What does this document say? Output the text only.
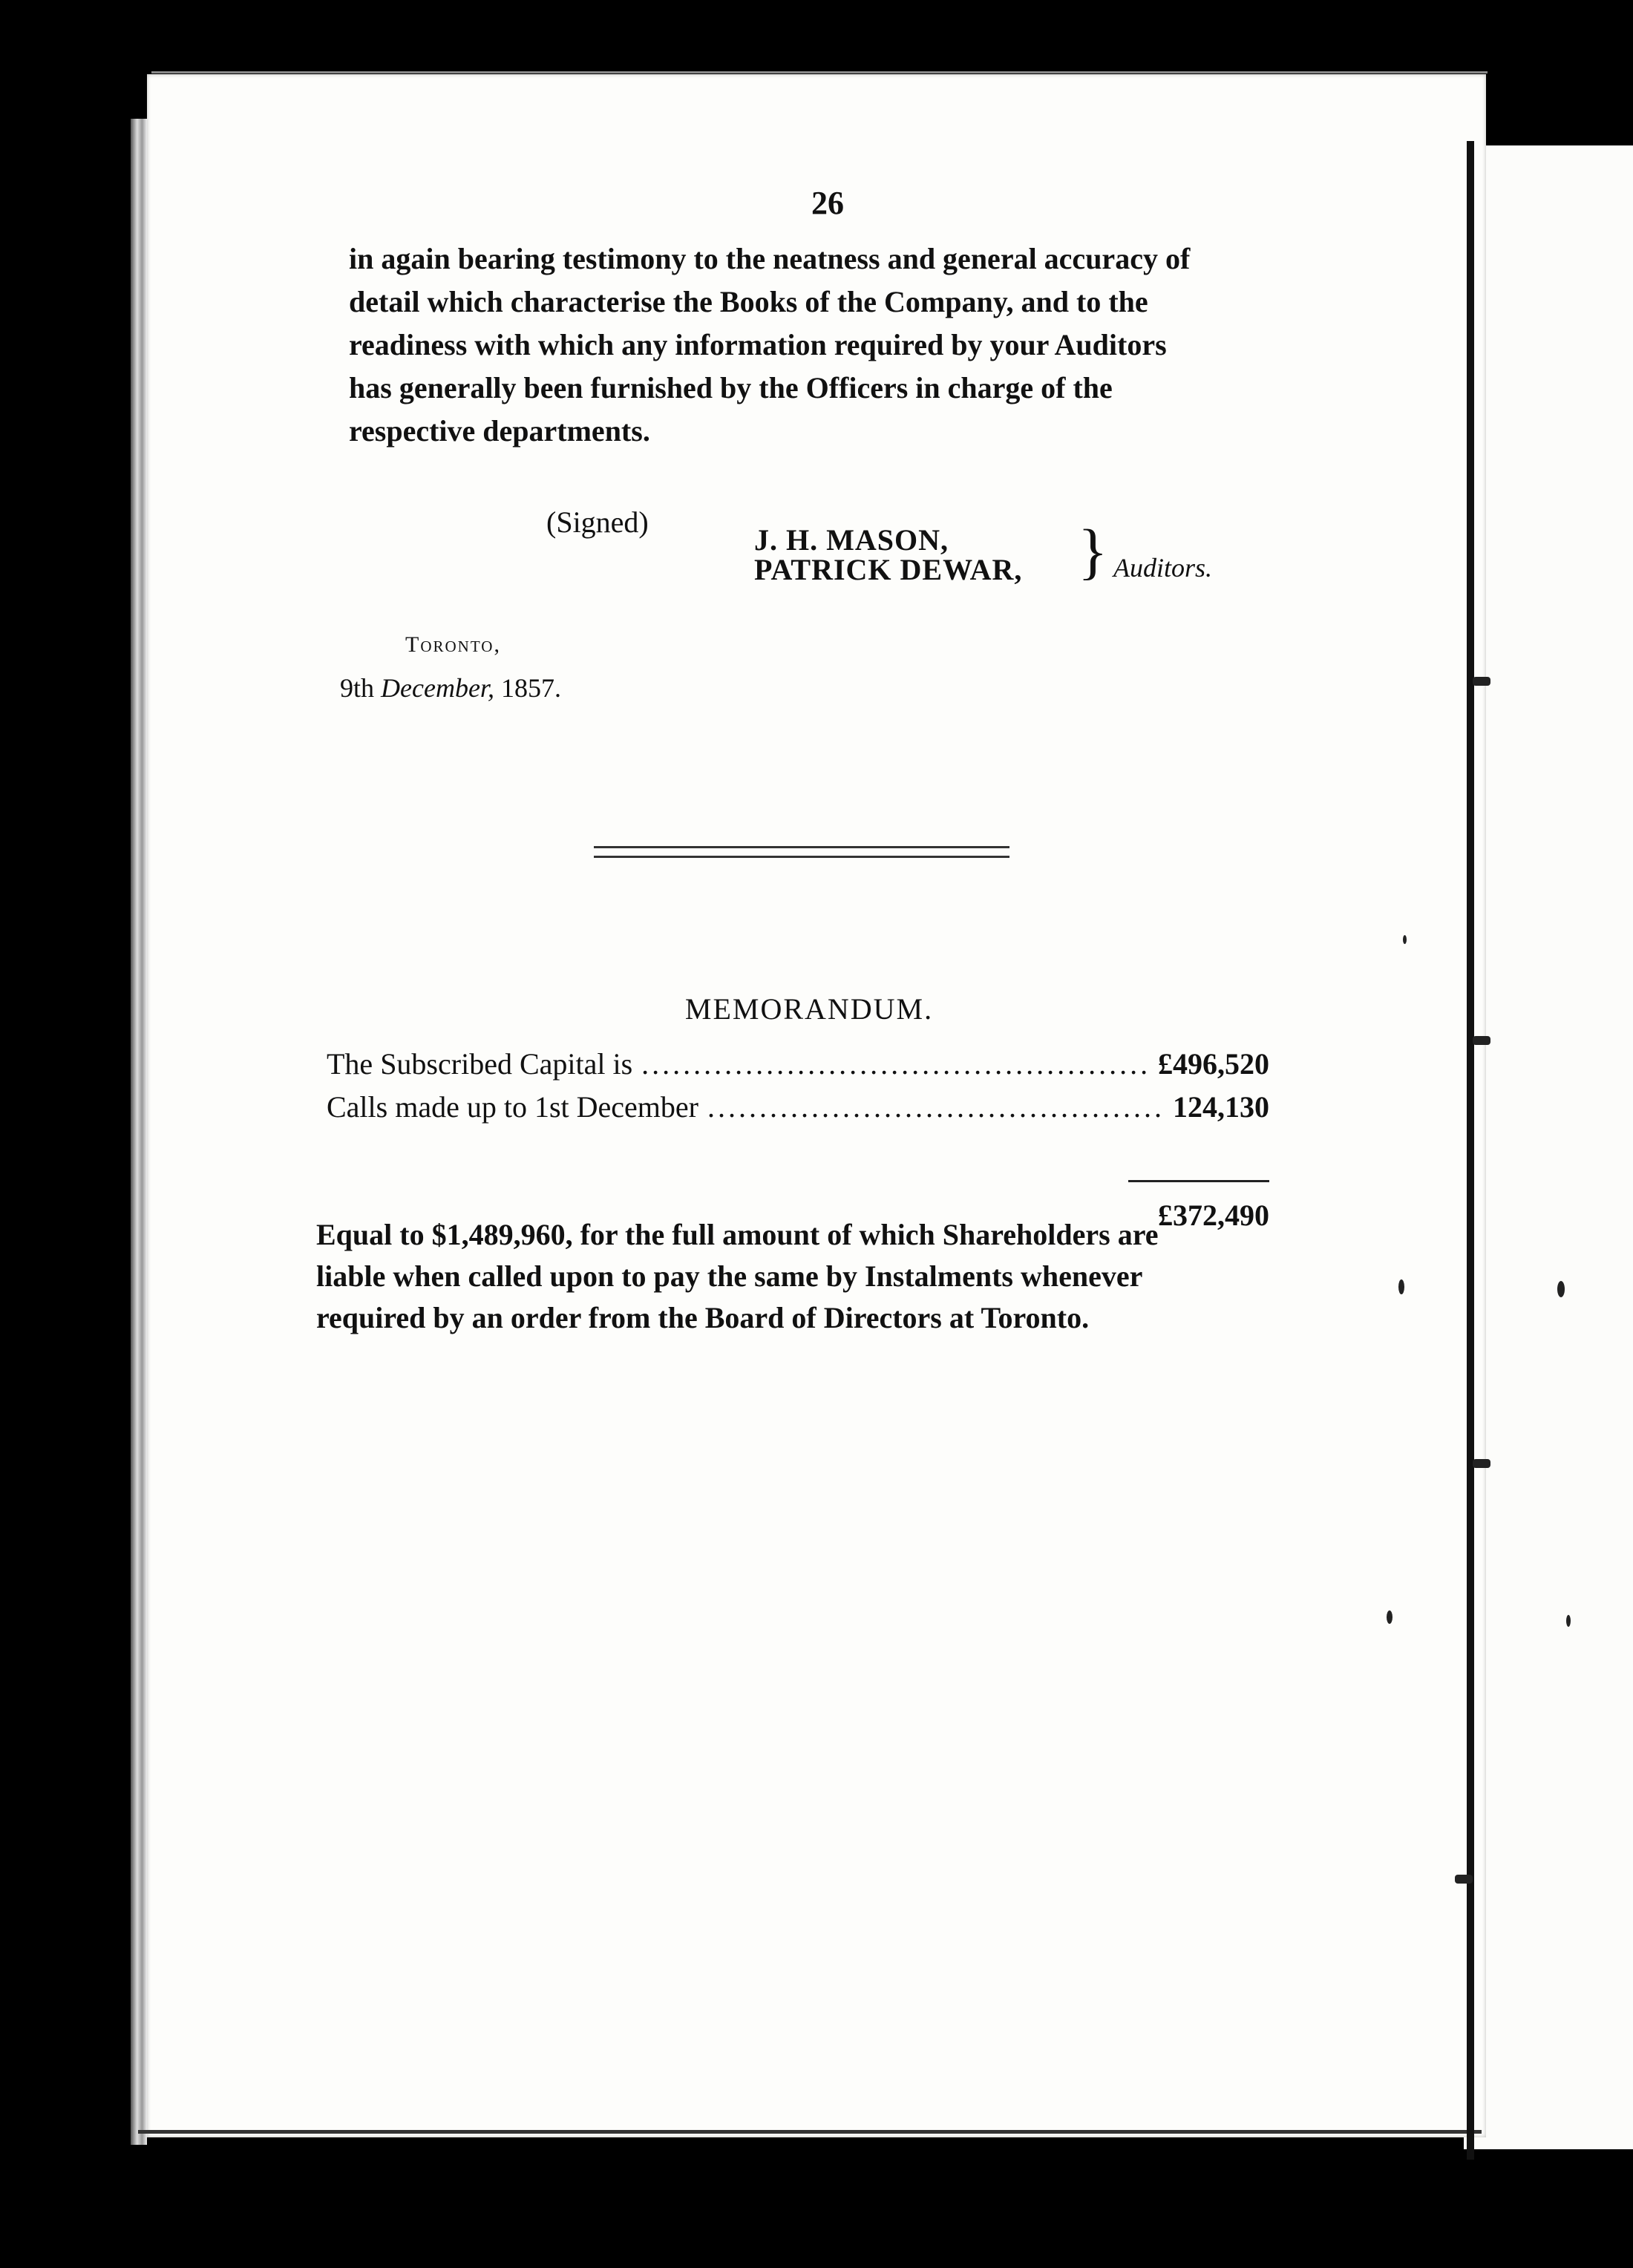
26
in again bearing testimony to the neatness and general accuracy of
detail which characterise the Books of the Company, and to the
readiness with which any information required by your Auditors
has generally been furnished by the Officers in charge of the
respective departments.
(Signed)
J. H. MASON,
PATRICK DEWAR, } Auditors.
Toronto,
9th December, 1857.
MEMORANDUM.
The Subscribed Capital is .....	£496,520
Calls made up to 1st December .....	124,130
£372,490

Equal to $1,489,960, for the full amount of which Shareholders are
liable when called upon to pay the same by Instalments whenever
required by an order from the Board of Directors at Toronto.
